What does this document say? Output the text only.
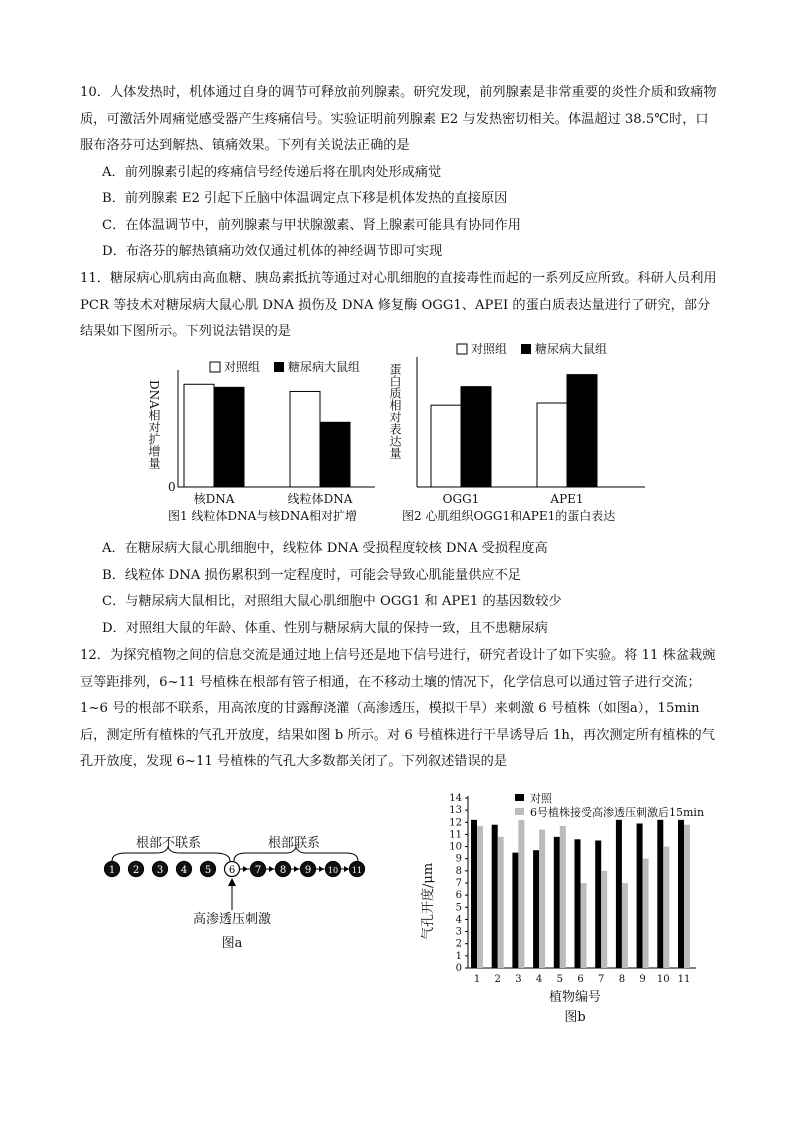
10．人体发热时，机体通过自身的调节可释放前列腺素。研究发现，前列腺素是非常重要的炎性介质和致痛物质，可激活外周痛觉感受器产生疼痛信号。实验证明前列腺素 E2 与发热密切相关。体温超过 38.5℃时，口服布洛芬可达到解热、镇痛效果。下列有关说法正确的是

A．前列腺素引起的疼痛信号经传递后将在肌肉处形成痛觉

B．前列腺素 E2 引起下丘脑中体温调定点下移是机体发热的直接原因

C．在体温调节中，前列腺素与甲状腺激素、肾上腺素可能具有协同作用

D．布洛芬的解热镇痛功效仅通过机体的神经调节即可实现

11．糖尿病心肌病由高血糖、胰岛素抵抗等通过对心肌细胞的直接毒性而起的一系列反应所致。科研人员利用PCR 等技术对糖尿病大鼠心肌 DNA 损伤及 DNA 修复酶 OGG1、APEI 的蛋白质表达量进行了研究，部分结果如下图所示。下列说法错误的是

对照组 糖尿病大鼠组
DNA相对扩增量
0
核DNA	线粒体DNA
图1 线粒体DNA与核DNA相对扩增
对照组 糖尿病大鼠组
蛋白质相对表达量
OGG1	APE1
图2 心肌组织OGG1和APE1的蛋白表达

A．在糖尿病大鼠心肌细胞中，线粒体 DNA 受损程度较核 DNA 受损程度高

B．线粒体 DNA 损伤累积到一定程度时，可能会导致心肌能量供应不足

C．与糖尿病大鼠相比，对照组大鼠心肌细胞中 OGG1 和 APE1 的基因数较少

D．对照组大鼠的年龄、体重、性别与糖尿病大鼠的保持一致，且不患糖尿病

12．为探究植物之间的信息交流是通过地上信号还是地下信号进行，研究者设计了如下实验。将 11 株盆栽豌豆等距排列，6~11 号植株在根部有管子相通，在不移动土壤的情况下，化学信息可以通过管子进行交流；1~6 号的根部不联系，用高浓度的甘露醇浇灌（高渗透压，模拟干旱）来刺激 6 号植株（如图a），15min 后，测定所有植株的气孔开放度，结果如图 b 所示。对 6 号植株进行干旱诱导后 1h，再次测定所有植株的气孔开放度，发现 6~11 号植株的气孔大多数都关闭了。下列叙述错误的是

根部不联系	根部联系
1 2 3 4 5 6 7 8 9 10 11
高渗透压刺激
图a
0
1
2
3
4
5
6
7
8
9
10
11
12
13
14
1 2 3 4 5 6 7 8 9 10 11
气孔开度/μm
对照
6号植株接受高渗透压刺激后15min
植物编号
图b
